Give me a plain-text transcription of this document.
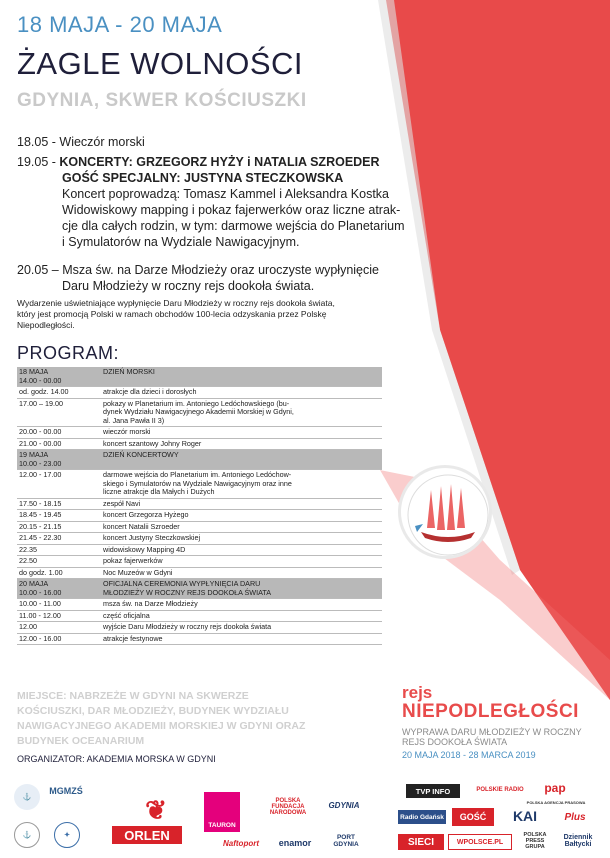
18 MAJA - 20 MAJA
ŻAGLE WOLNOŚCI
GDYNIA, SKWER KOŚCIUSZKI
18.05 - Wieczór morski
19.05 - KONCERTY: GRZEGORZ HYŻY i NATALIA SZROEDER
GOŚĆ SPECJALNY: JUSTYNA STECZKOWSKA
Koncert poprowadzą: Tomasz Kammel i Aleksandra Kostka
Widowiskowy mapping i pokaz fajerwerków oraz liczne atrak-
cje dla całych rodzin, w tym: darmowe wejścia do Planetarium
i Symulatorów na Wydziale Nawigacyjnym.
20.05 – Msza św. na Darze Młodzieży oraz uroczyste wypłynięcie
Daru Młodzieży w roczny rejs dookoła świata.
Wydarzenie uświetniające wypłynięcie Daru Młodzieży w roczny rejs dookoła świata, który jest promocją Polski w ramach obchodów 100-lecia odzyskania przez Polskę Niepodległości.
PROGRAM:
18 MAJA
14.00 - 00.00	DZIEŃ MORSKI
od. godz. 14.00	atrakcje dla dzieci i dorosłych
17.00 – 19.00	pokazy w Planetarium im. Antoniego Ledóchowskiego (bu-
dynek Wydziału Nawigacyjnego Akademii Morskiej w Gdyni,
al. Jana Pawła II 3)
20.00 - 00.00	wieczór morski
21.00 - 00.00	koncert szantowy Johny Roger
19 MAJA
10.00 - 23.00	DZIEŃ KONCERTOWY
12.00 - 17.00	darmowe wejścia do Planetarium im. Antoniego Ledóchow-
skiego i Symulatorów na Wydziale Nawigacyjnym oraz inne
liczne atrakcje dla Małych i Dużych
17.50 - 18.15	zespół Navi
18.45 - 19.45	koncert Grzegorza Hyżego
20.15 - 21.15	koncert Natalii Szroeder
21.45 - 22.30	koncert Justyny Steczkowskiej
22.35	widowiskowy Mapping 4D
22.50	pokaz fajerwerków
do godz. 1.00	Noc Muzeów w Gdyni
20 MAJA
10.00 - 16.00	OFICJALNA CEREMONIA WYPŁYNIĘCIA DARU
MŁODZIEŻY W ROCZNY REJS DOOKOŁA ŚWIATA
10.00 - 11.00	msza św. na Darze Młodzieży
11.00 - 12.00	część oficjalna
12.00	wyjście Daru Młodzieży w roczny rejs dookoła świata
12.00 - 16.00	atrakcje festynowe
MIEJSCE: NABRZEŻE W GDYNI NA SKWERZE KOŚCIUSZKI, DAR MŁODZIEŻY, BUDYNEK WYDZIAŁU NAWIGACYJNEGO AKADEMII MORSKIEJ W GDYNI ORAZ BUDYNEK OCEANARIUM
ORGANIZATOR: AKADEMIA MORSKA W GDYNI
rejs
NIEPODLEGŁOŚCI
WYPRAWA DARU MŁODZIEŻY W ROCZNY REJS DOOKOŁA ŚWIATA
20 MAJA 2018 - 28 MARCA 2019
⚓
MGMZŚ
⚓	✦
❦
ORLEN
TAURON
POLSKA FUNDACJA NARODOWA
GDYNIA
Naftoport	enamor
PORT GDYNIA
TVP INFO	POLSKIE RADIO	pap
POLSKA AGENCJA PRASOWA
Radio Gdańsk	GOŚĆ	KAI	Plus
SIECI	WPOLSCE.PL
POLSKA PRESS GRUPA
Dziennik Bałtycki
